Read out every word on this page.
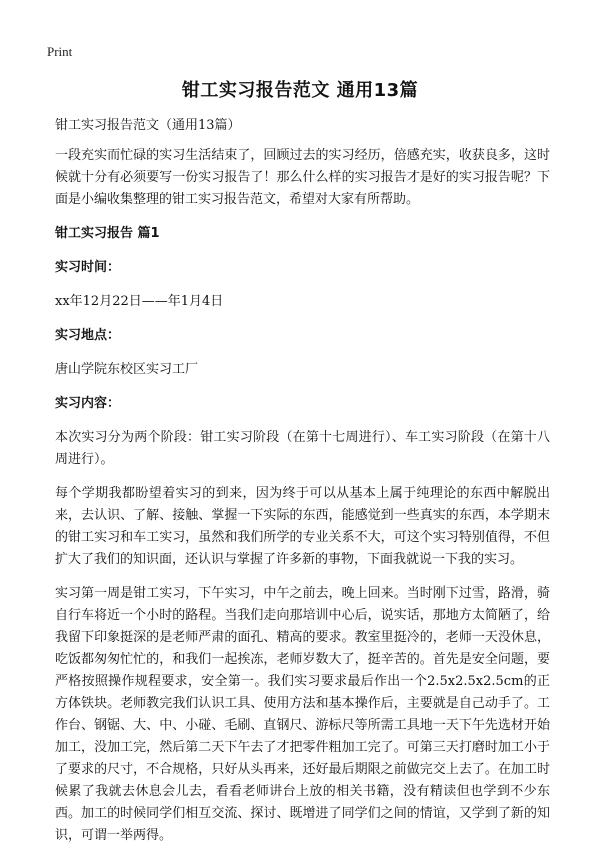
Print
钳工实习报告范文 通用13篇

钳工实习报告范文（通用13篇）

一段充实而忙碌的实习生活结束了，回顾过去的实习经历，倍感充实，收获良多，这时候就十分有必须要写一份实习报告了！那么什么样的实习报告才是好的实习报告呢？下面是小编收集整理的钳工实习报告范文，希望对大家有所帮助。

钳工实习报告 篇1

实习时间：

xx年12月22日——年1月4日

实习地点：

唐山学院东校区实习工厂

实习内容：

本次实习分为两个阶段：钳工实习阶段（在第十七周进行）、车工实习阶段（在第十八周进行）。

每个学期我都盼望着实习的到来，因为终于可以从基本上属于纯理论的东西中解脱出来，去认识、了解、接触、掌握一下实际的东西，能感觉到一些真实的东西，本学期末的钳工实习和车工实习，虽然和我们所学的专业关系不大，可这个实习特别值得，不但扩大了我们的知识面，还认识与掌握了许多新的事物，下面我就说一下我的实习。

实习第一周是钳工实习，下午实习，中午之前去，晚上回来。当时刚下过雪，路滑，骑自行车将近一个小时的路程。当我们走向那培训中心后，说实话，那地方太简陋了，给我留下印象挺深的是老师严肃的面孔、精高的要求。教室里挺冷的，老师一天没休息，吃饭都匆匆忙忙的，和我们一起挨冻，老师岁数大了，挺辛苦的。首先是安全问题，要严格按照操作规程要求，安全第一。我们实习要求最后作出一个2.5x2.5x2.5cm的正方体铁块。老师教完我们认识工具、使用方法和基本操作后，主要就是自己动手了。工作台、钢锯、大、中、小碰、毛刷、直钢尺、游标尺等所需工具地一天下午先选材开始加工，没加工完，然后第二天下午去了才把零件粗加工完了。可第三天打磨时加工小于了要求的尺寸，不合规格，只好从头再来，还好最后期限之前做完交上去了。在加工时候累了我就去休息会儿去，看看老师讲台上放的相关书籍，没有精读但也学到不少东西。加工的时候同学们相互交流、探讨、既增进了同学们之间的情谊，又学到了新的知识，可谓一举两得。
